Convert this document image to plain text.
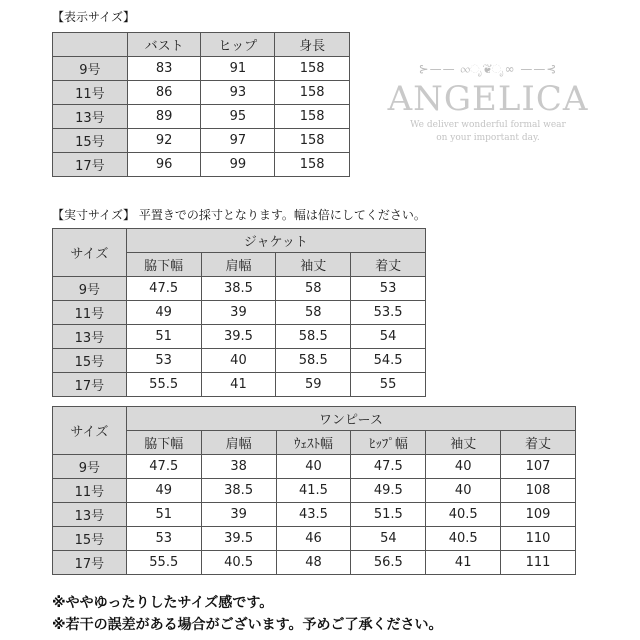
【表示サイズ】
	バスト	ヒップ	身長
9号	83	91	158
11号	86	93	158
13号	89	95	158
15号	92	97	158
17号	96	99	158
⊱—— ∞ೃ❦ೃ∞ ——⊰
ANGELICA
We deliver wonderful formal wear
on your important day.
【実寸サイズ】 平置きでの採寸となります。幅は倍にしてください。
サイズ	ジャケット			
	脇下幅	肩幅	袖丈	着丈
9号	47.5	38.5	58	53
11号	49	39	58	53.5
13号	51	39.5	58.5	54
15号	53	40	58.5	54.5
17号	55.5	41	59	55
サイズ	ワンピース					
	脇下幅	肩幅	ｳｪｽﾄ幅	ﾋｯﾌﾟ幅	袖丈	着丈
9号	47.5	38	40	47.5	40	107
11号	49	38.5	41.5	49.5	40	108
13号	51	39	43.5	51.5	40.5	109
15号	53	39.5	46	54	40.5	110
17号	55.5	40.5	48	56.5	41	111
※ややゆったりしたサイズ感です。
※若干の誤差がある場合がございます。予めご了承ください。
